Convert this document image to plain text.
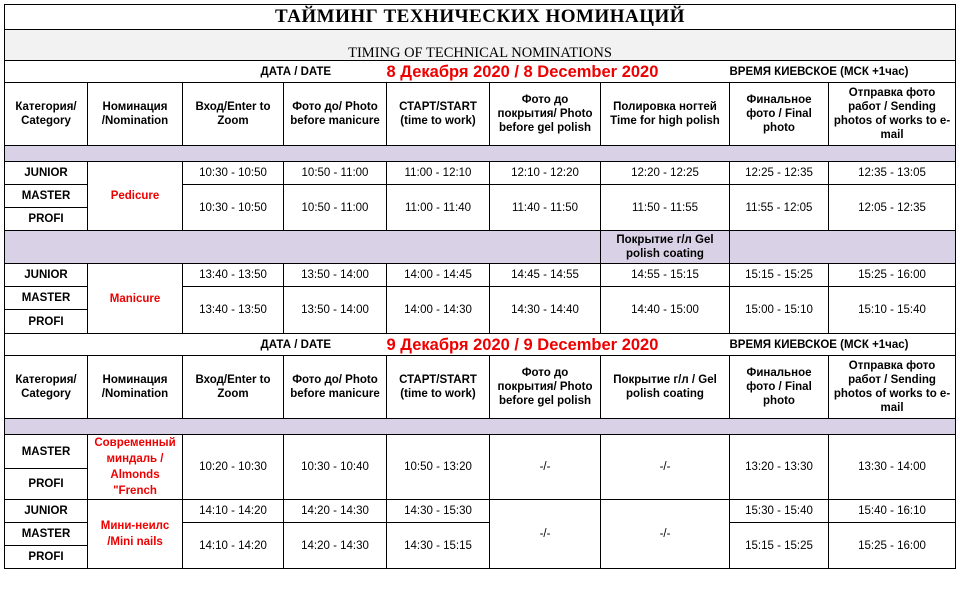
ТАЙМИНГ ТЕХНИЧЕСКИХ НОМИНАЦИЙ								
TIMING OF TECHNICAL NOMINATIONS								
		ДАТА / DATE		8 Декабря 2020 / 8 December 2020			ВРЕМЯ КИЕВСКОЕ (МСК +1час)	
Категория/ Category	Номинация /Nomination	Вход/Enter to Zoom	Фото до/ Photo before manicure	СТАРТ/START (time to work)	Фото до покрытия/ Photo before gel polish	Полировка ногтей Time for high polish	Финальное фото / Final photo	Отправка фото работ / Sending photos of works to e-mail

JUNIOR	Pedicure	10:30 - 10:50	10:50 - 11:00	11:00 - 12:10	12:10 - 12:20	12:20 - 12:25	12:25 - 12:35	12:35 - 13:05
MASTER		10:30 - 10:50	10:50 - 11:00	11:00 - 11:40	11:40 - 11:50	11:50 - 11:55	11:55 - 12:05	12:05 - 12:35
PROFI								
						Покрытие г/л Gel polish coating		
JUNIOR	Manicure	13:40 - 13:50	13:50 - 14:00	14:00 - 14:45	14:45 - 14:55	14:55 - 15:15	15:15 - 15:25	15:25 - 16:00
MASTER		13:40 - 13:50	13:50 - 14:00	14:00 - 14:30	14:30 - 14:40	14:40 - 15:00	15:00 - 15:10	15:10 - 15:40
PROFI								
		ДАТА / DATE		9 Декабря 2020 / 9 December 2020			ВРЕМЯ КИЕВСКОЕ (МСК +1час)	
Категория/ Category	Номинация /Nomination	Вход/Enter to Zoom	Фото до/ Photo before manicure	СТАРТ/START (time to work)	Фото до покрытия/ Photo before gel polish	Покрытие г/л / Gel polish coating	Финальное фото / Final photo	Отправка фото работ / Sending photos of works to e-mail

MASTER	Современный миндаль / Almonds "French	10:20 - 10:30	10:30 - 10:40	10:50 - 13:20	-/-	-/-	13:20 - 13:30	13:30 - 14:00
PROFI								
JUNIOR	Мини-неилс /Mini nails	14:10 - 14:20	14:20 - 14:30	14:30 - 15:30	-/-	-/-	15:30 - 15:40	15:40 - 16:10
MASTER		14:10 - 14:20	14:20 - 14:30	14:30 - 15:15			15:15 - 15:25	15:25 - 16:00
PROFI								
